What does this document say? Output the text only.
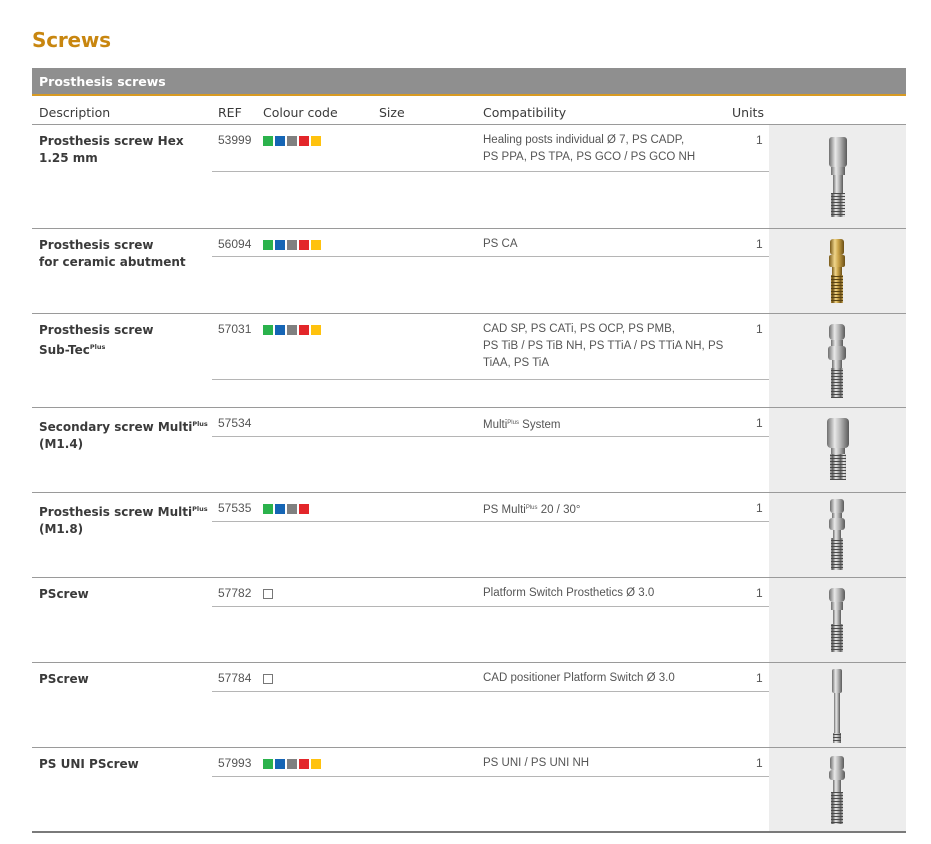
Screws
Prosthesis screws
Description	REF Colour code	Size	Compatibility	Units
Prosthesis screw Hex
1.25 mm
53999	Healing posts individual Ø 7, PS CADP,
PS PPA, PS TPA, PS GCO / PS GCO NH
1
Prosthesis screw
for ceramic abutment
56094	PS CA	1
Prosthesis screw
Sub-Tec$^{Plus}$
57031	CAD SP, PS CATi, PS OCP, PS PMB,
PS TiB / PS TiB NH, PS TTiA / PS TTiA NH, PS
TiAA, PS TiA
1
Secondary screw Multi$^{Plus}$
(M1.4)
57534	Multi$^{Plus}$ System	1
Prosthesis screw Multi$^{Plus}$
(M1.8)
57535	PS Multi$^{Plus}$ 20 / 30°	1
PScrew	57782	Platform Switch Prosthetics Ø 3.0	1
PScrew	57784	CAD positioner Platform Switch Ø 3.0	1
PS UNI PScrew	57993	PS UNI / PS UNI NH	1
